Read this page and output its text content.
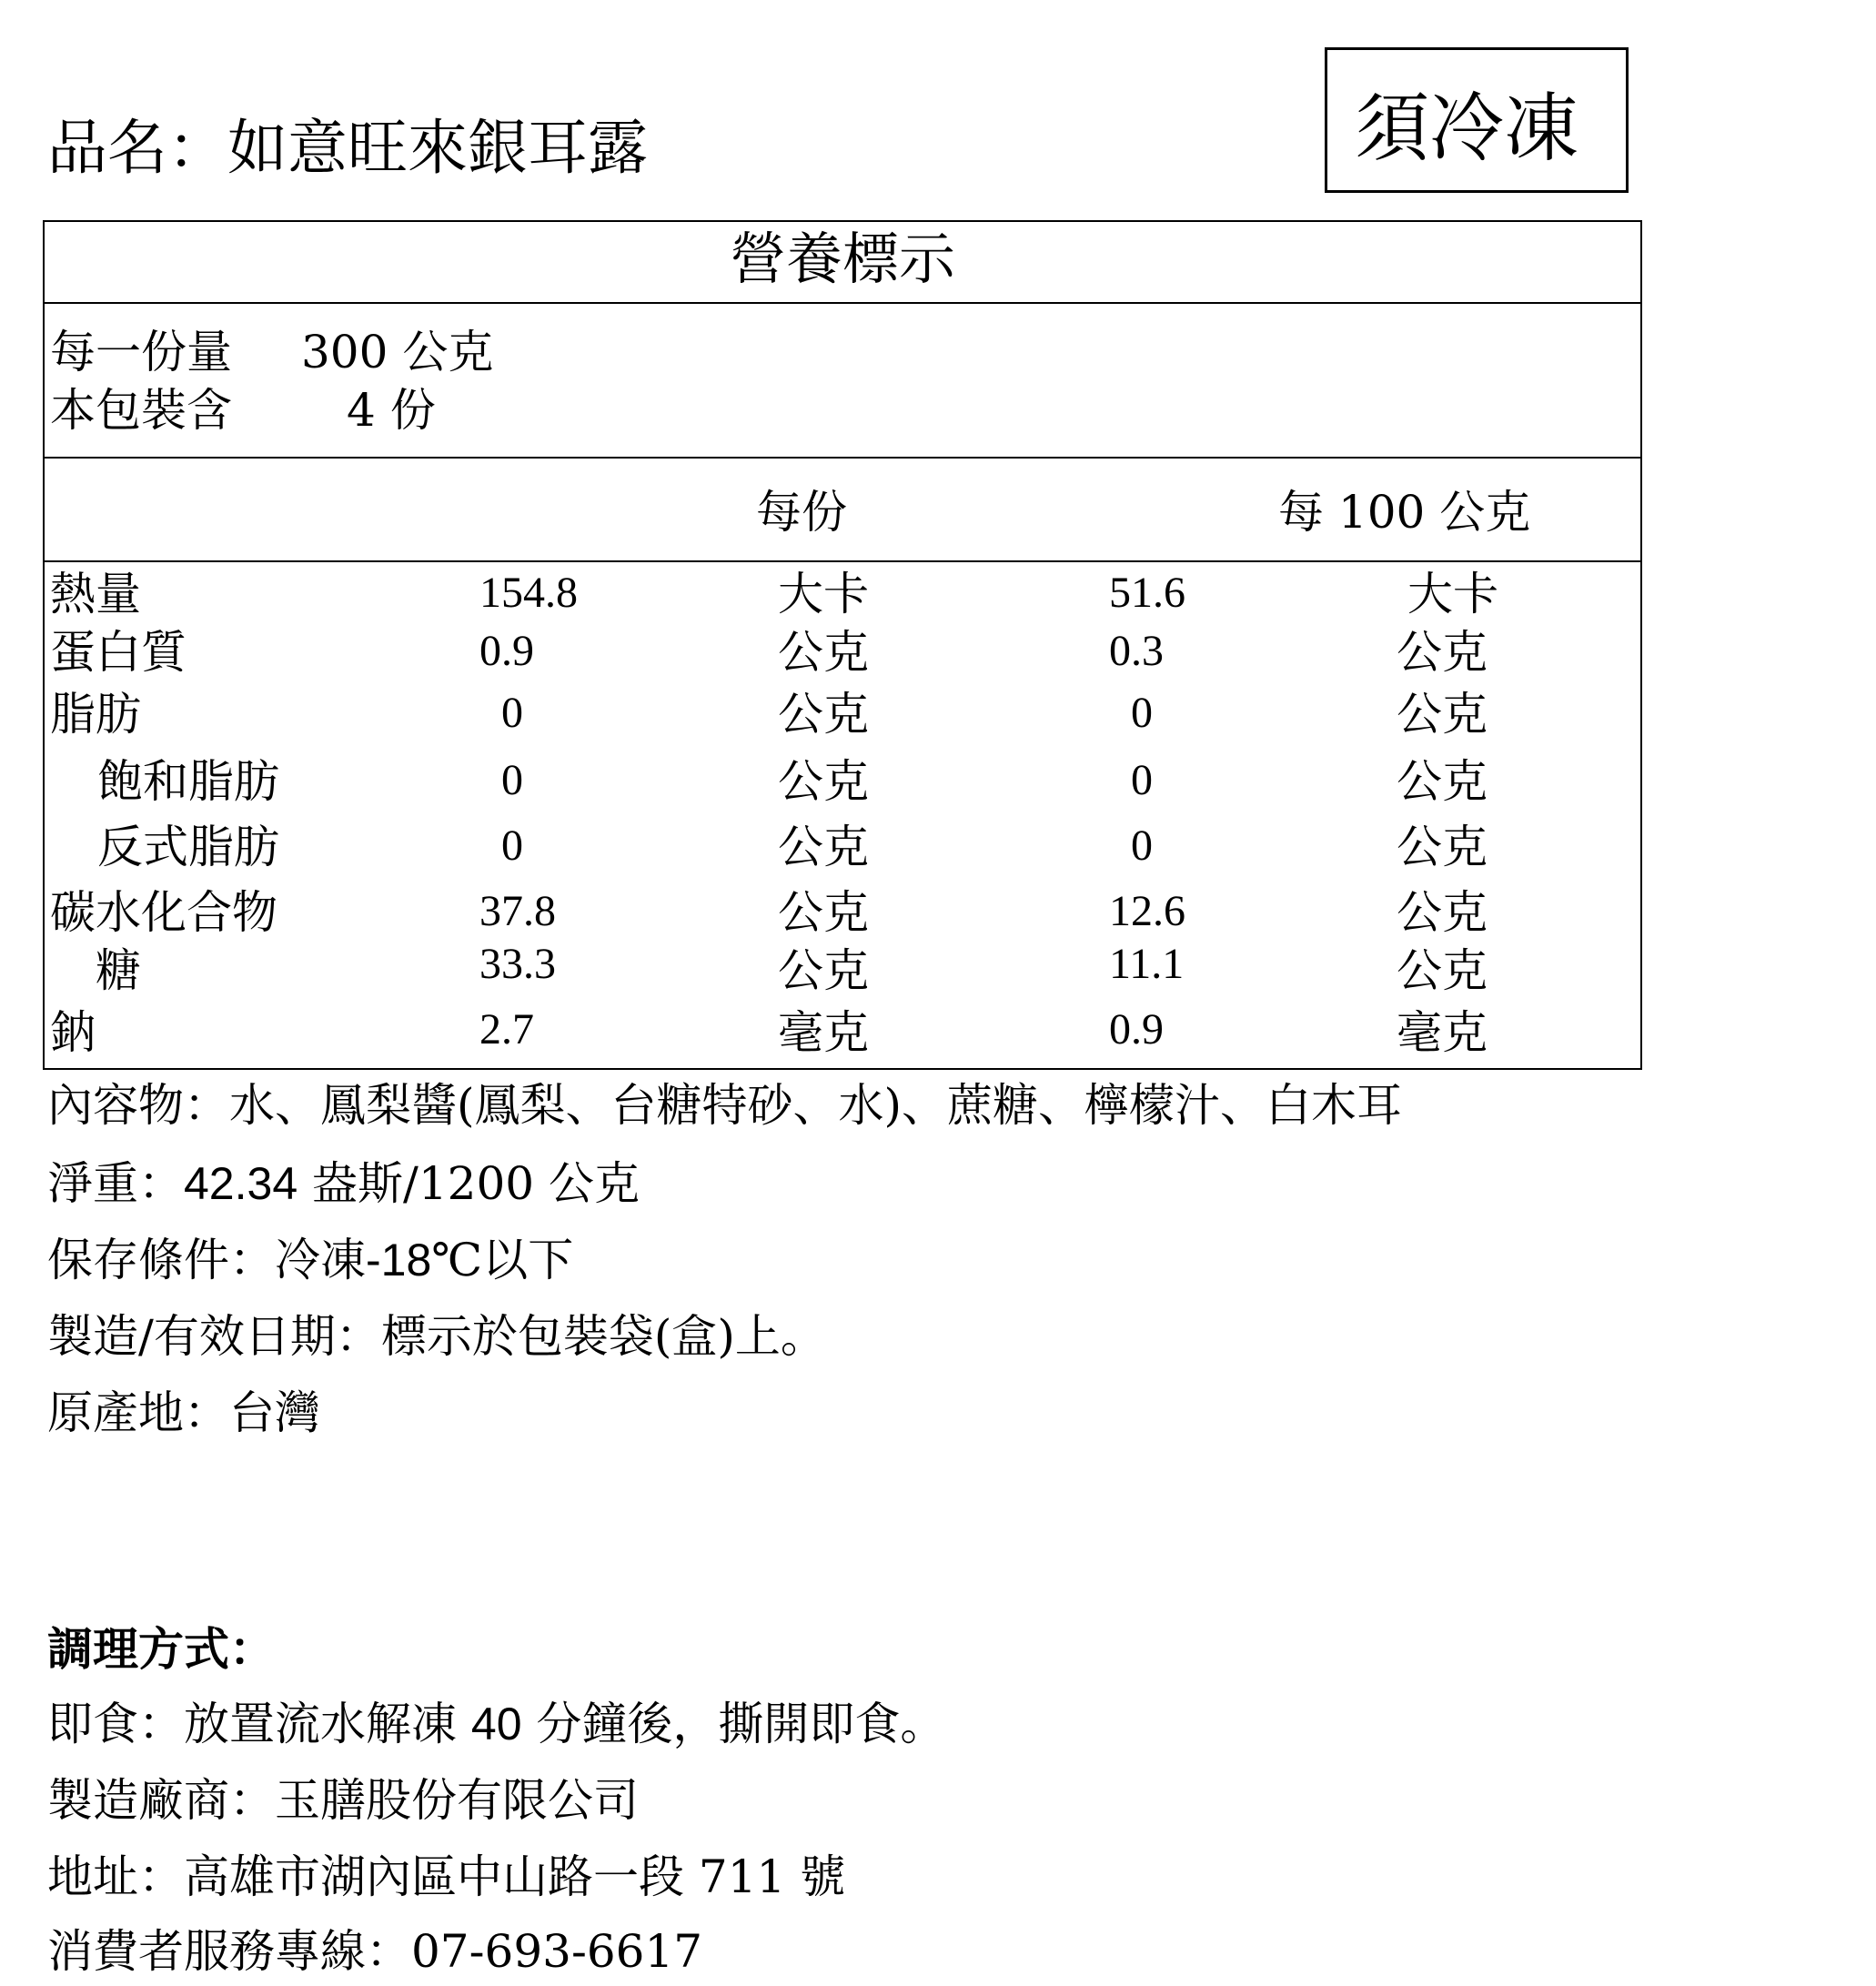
品名：如意旺來銀耳露	須冷凍
營養標示
每一份量 300 公克
本包裝含	4 份
每份	每 100 公克
熱量	154.8	大卡	51.6	大卡
蛋白質	0.9	公克	0.3	公克
脂肪	0	公克	0	公克
飽和脂肪	0	公克	0	公克
反式脂肪	0	公克	0	公克
碳水化合物	37.8	公克	12.6	公克
糖	33.3	公克	11.1	公克
鈉	2.7	毫克	0.9	毫克
內容物：水、鳳梨醬(鳳梨、台糖特砂、水)、蔗糖、檸檬汁、白木耳
淨重：42.34 盎斯/1200 公克
保存條件：冷凍-18℃以下
製造/有效日期：標示於包裝袋(盒)上。
原產地：台灣
調理方式：
即食：放置流水解凍 40 分鐘後，撕開即食。
製造廠商：玉膳股份有限公司
地址：高雄市湖內區中山路一段 711 號
消費者服務專線：07-693-6617
